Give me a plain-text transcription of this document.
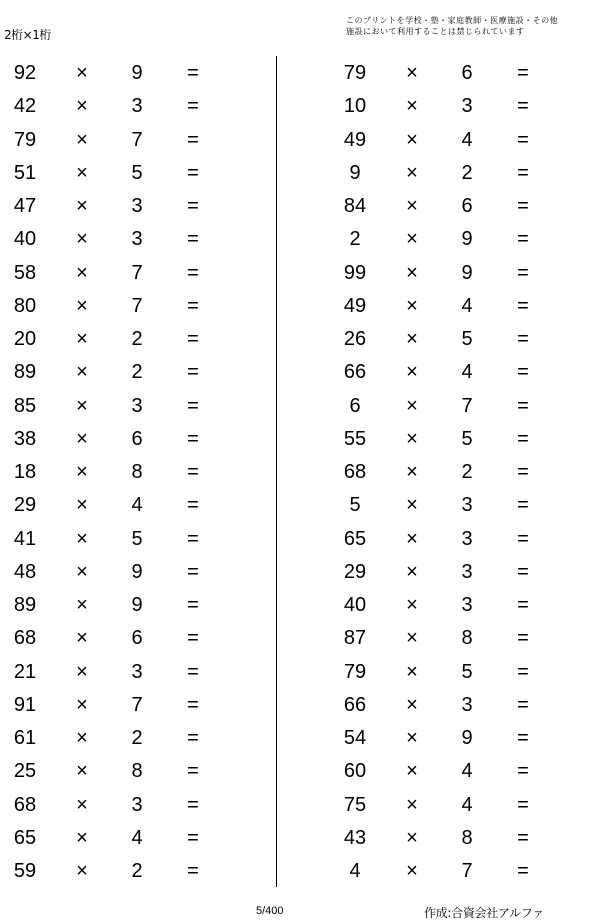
2桁×1桁
このプリントを学校・塾・家庭教師・医療施設・その他
施設において利用することは禁じられています
92	×	9	=
42	×	3	=
79	×	7	=
51	×	5	=
47	×	3	=
40	×	3	=
58	×	7	=
80	×	7	=
20	×	2	=
89	×	2	=
85	×	3	=
38	×	6	=
18	×	8	=
29	×	4	=
41	×	5	=
48	×	9	=
89	×	9	=
68	×	6	=
21	×	3	=
91	×	7	=
61	×	2	=
25	×	8	=
68	×	3	=
65	×	4	=
59	×	2	=
79	×	6	=
10	×	3	=
49	×	4	=
9	×	2	=
84	×	6	=
2	×	9	=
99	×	9	=
49	×	4	=
26	×	5	=
66	×	4	=
6	×	7	=
55	×	5	=
68	×	2	=
5	×	3	=
65	×	3	=
29	×	3	=
40	×	3	=
87	×	8	=
79	×	5	=
66	×	3	=
54	×	9	=
60	×	4	=
75	×	4	=
43	×	8	=
4	×	7	=
5/400	作成:合資会社アルファ
